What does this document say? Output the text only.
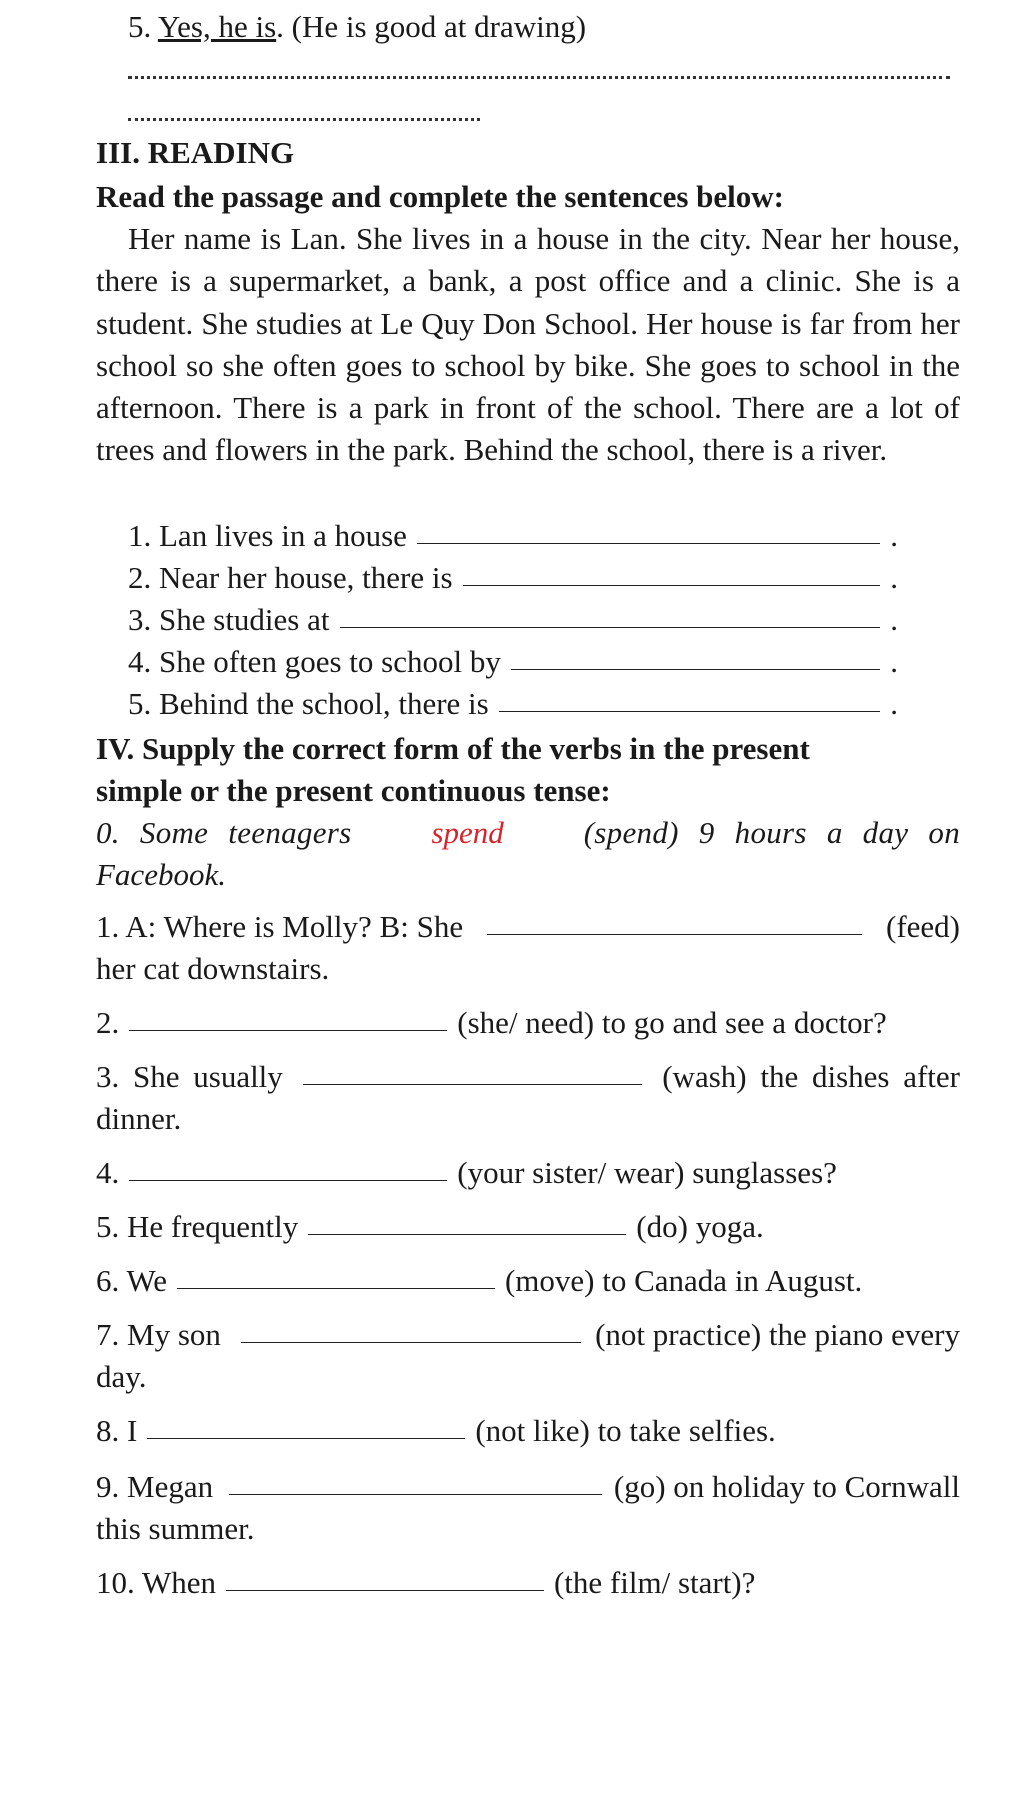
5. Yes, he is. (He is good at drawing)
III. READING
Read the passage and complete the sentences below:
Her name is Lan. She lives in a house in the city. Near her house, there is a supermarket, a bank, a post office and a clinic. She is a student. She studies at Le Quy Don School. Her house is far from her school so she often goes to school by bike. She goes to school in the afternoon. There is a park in front of the school. There are a lot of trees and flowers in the park. Behind the school, there is a river.
1. Lan lives in a house	.
2. Near her house, there is	.
3. She studies at	.
4. She often goes to school by	.
5. Behind the school, there is	.
IV. Supply the correct form of the verbs in the present
simple or the present continuous tense:
0. Some teenagers	spend	(spend) 9 hours a day on
Facebook.
1. A: Where is Molly? B: She	(feed)
her cat downstairs.
2.	(she/ need) to go and see a doctor?
3. She usually	(wash) the dishes after
dinner.
4.	(your sister/ wear) sunglasses?
5. He frequently	(do) yoga.
6. We	(move) to Canada in August.
7. My son	(not practice) the piano every
day.
8. I	(not like) to take selfies.
9. Megan	(go) on holiday to Cornwall
this summer.
10. When	(the film/ start)?
